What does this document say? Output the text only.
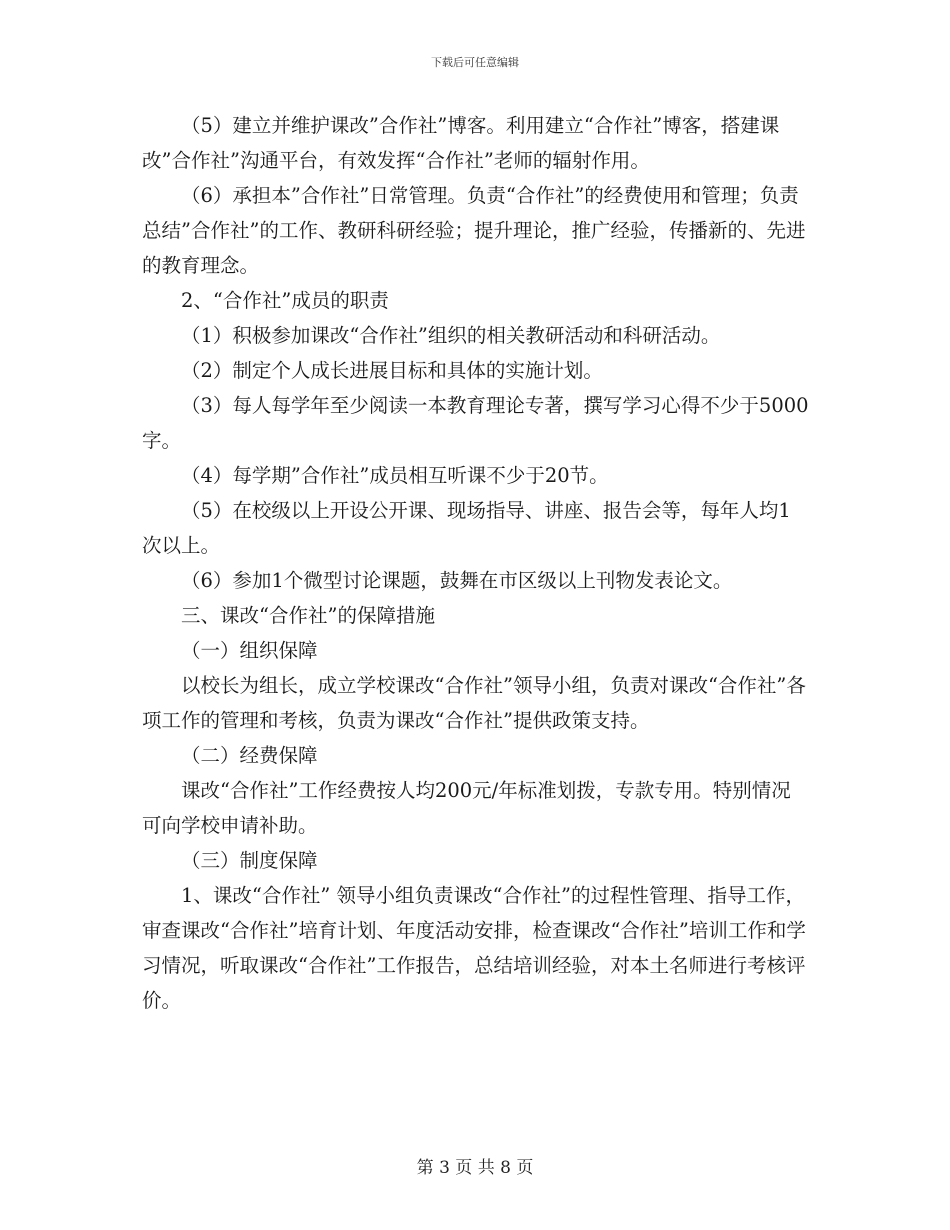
下载后可任意编辑

（5）建立并维护课改”合作社”博客。利用建立“合作社”博客，搭建课改”合作社”沟通平台，有效发挥“合作社”老师的辐射作用。

（6）承担本”合作社”日常管理。负责“合作社”的经费使用和管理；负责总结”合作社”的工作、教研科研经验；提升理论，推广经验，传播新的、先进的教育理念。

2、“合作社”成员的职责

（1）积极参加课改“合作社”组织的相关教研活动和科研活动。

（2）制定个人成长进展目标和具体的实施计划。

（3）每人每学年至少阅读一本教育理论专著，撰写学习心得不少于5000字。

（4）每学期”合作社”成员相互听课不少于20节。

（5）在校级以上开设公开课、现场指导、讲座、报告会等，每年人均1次以上。

（6）参加1个微型讨论课题，鼓舞在市区级以上刊物发表论文。

三、课改“合作社”的保障措施

（一）组织保障

以校长为组长，成立学校课改“合作社”领导小组，负责对课改“合作社”各项工作的管理和考核，负责为课改“合作社”提供政策支持。

（二）经费保障

课改“合作社”工作经费按人均200元/年标准划拨，专款专用。特别情况可向学校申请补助。

（三）制度保障

1、课改“合作社” 领导小组负责课改“合作社”的过程性管理、指导工作，审查课改“合作社”培育计划、年度活动安排，检查课改“合作社”培训工作和学习情况，听取课改“合作社”工作报告，总结培训经验，对本土名师进行考核评价。

第 3 页 共 8 页
